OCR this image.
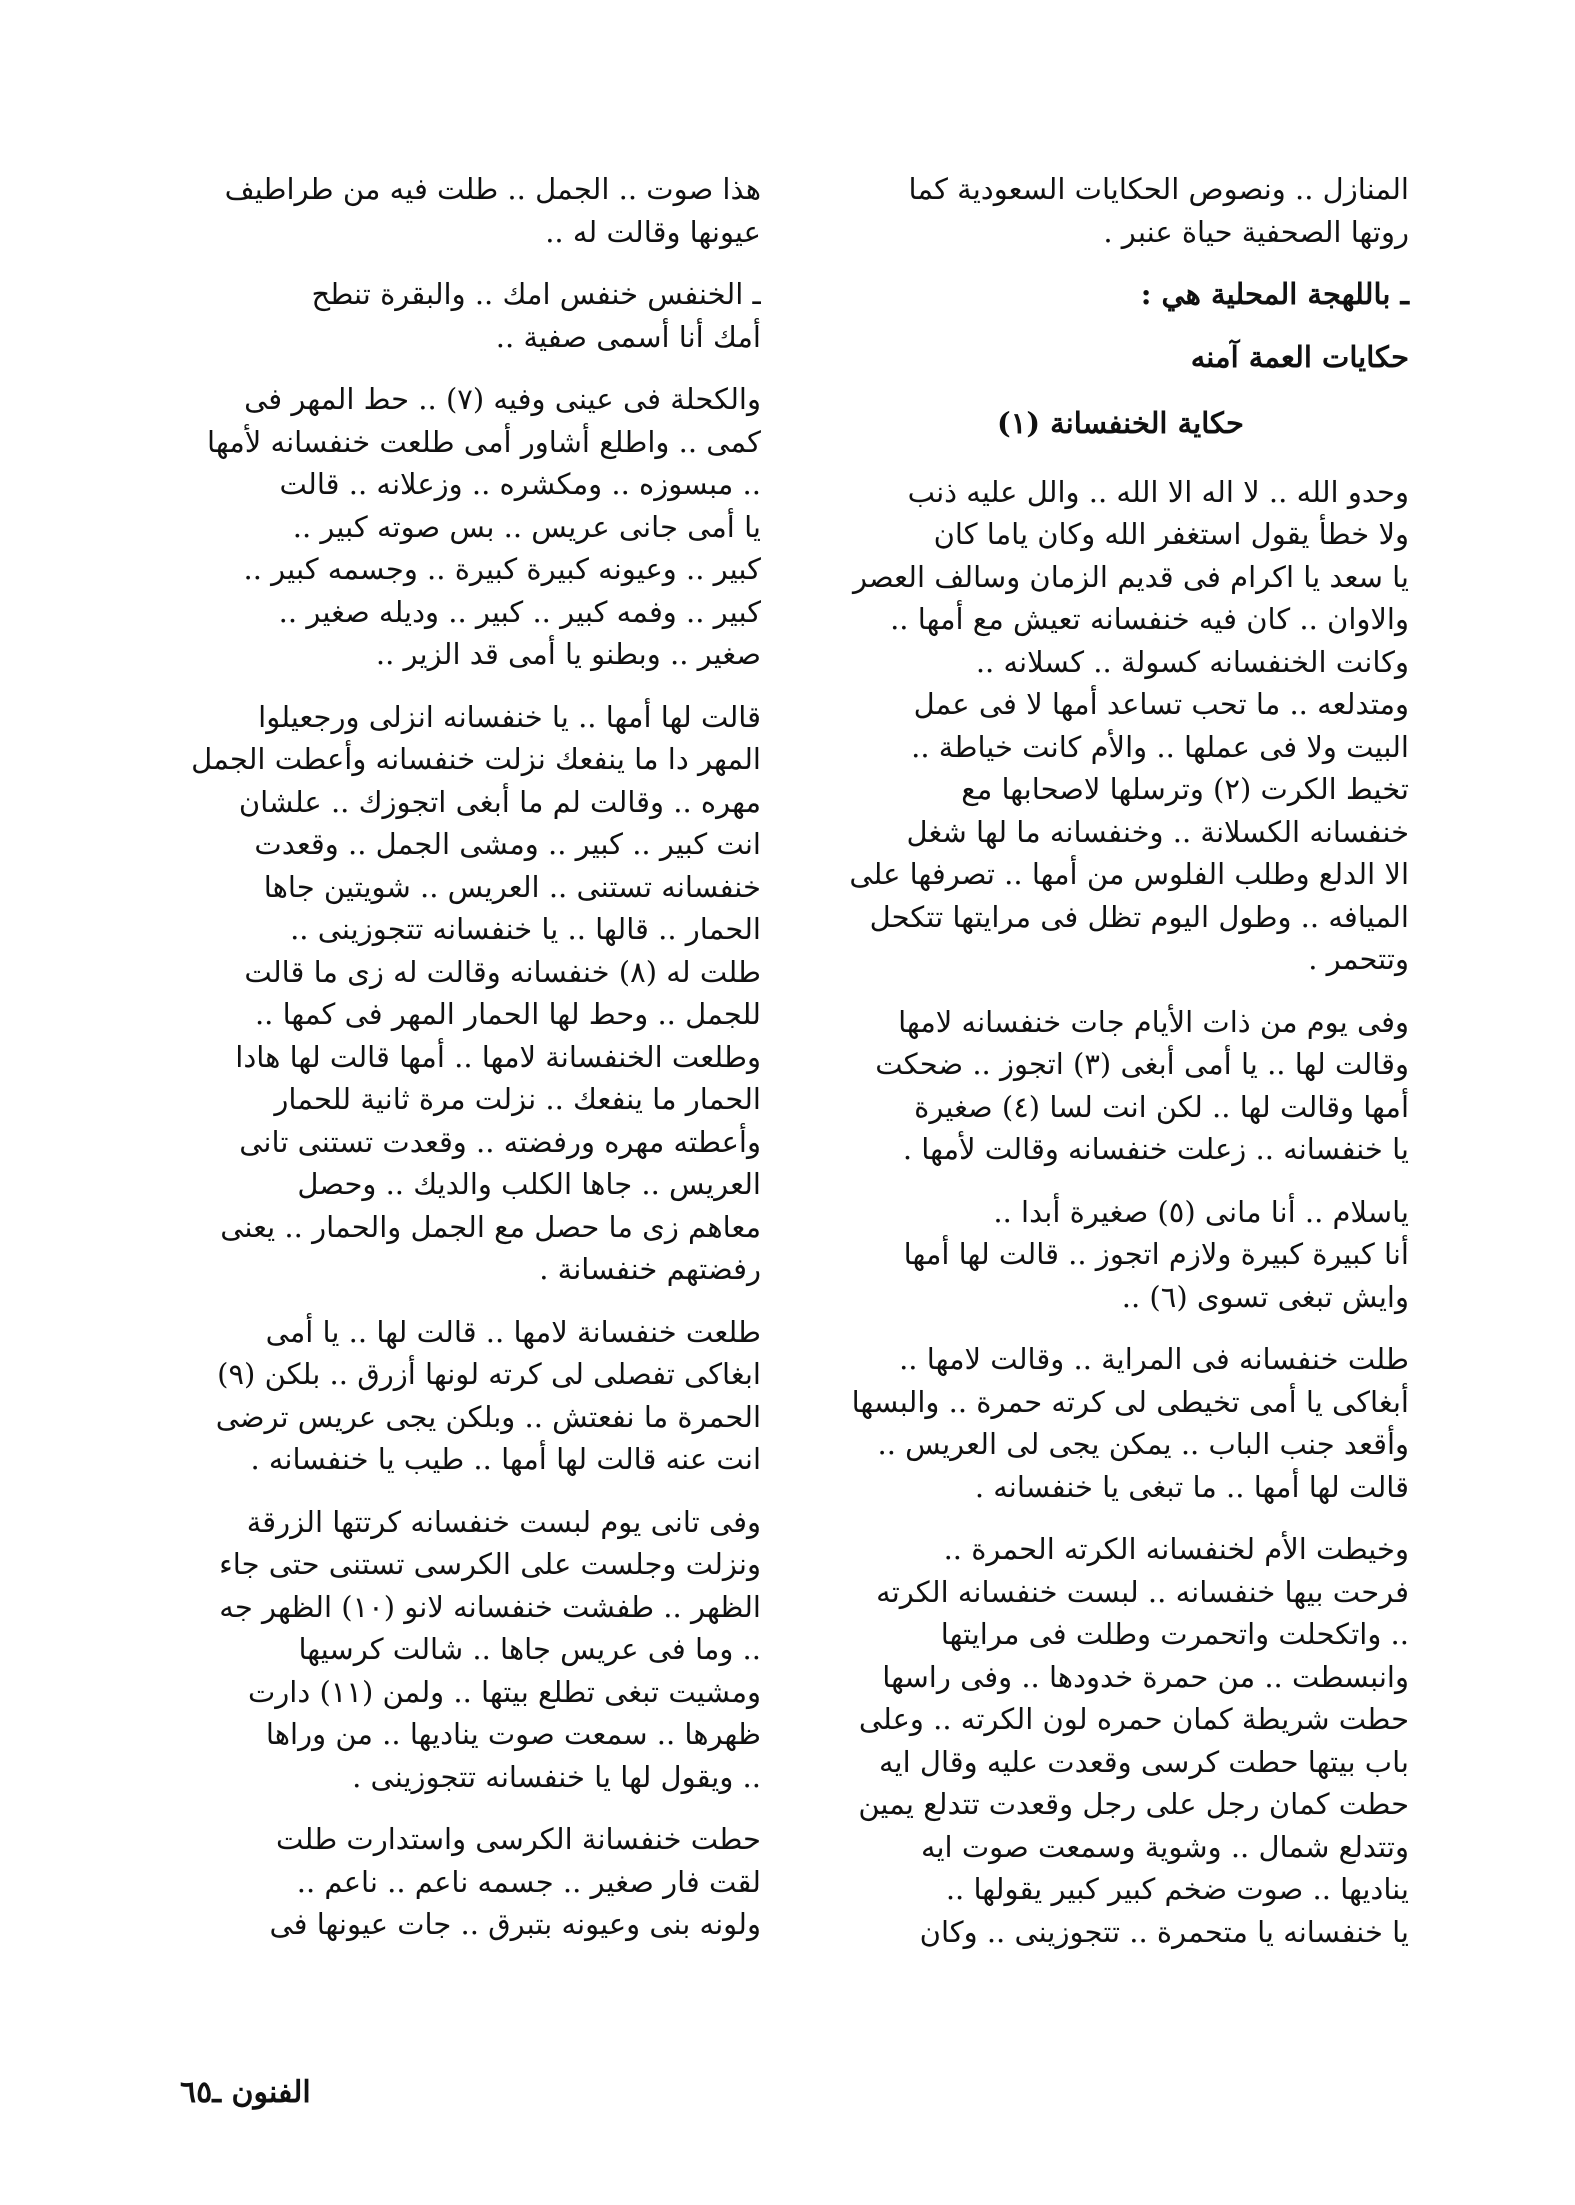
المنازل .. ونصوص الحكايات السعودية كما
روتها الصحفية حياة عنبر .
ـ باللهجة المحلية هي :
حكايات العمة آمنه
حكاية الخنفسانة (١)
وحدو الله .. لا اله الا الله .. والل عليه ذنب
ولا خطأ يقول استغفر الله وكان ياما كان
يا سعد يا اكرام فى قديم الزمان وسالف العصر
والاوان .. كان فيه خنفسانه تعيش مع أمها ..
وكانت الخنفسانه كسولة .. كسلانه ..
ومتدلعه .. ما تحب تساعد أمها لا فى عمل
البيت ولا فى عملها .. والأم كانت خياطة ..
تخيط الكرت (٢) وترسلها لاصحابها مع
خنفسانه الكسلانة .. وخنفسانه ما لها شغل
الا الدلع وطلب الفلوس من أمها .. تصرفها على
الميافه .. وطول اليوم تظل فى مرايتها تتكحل
وتتحمر .
وفى يوم من ذات الأيام جات خنفسانه لامها
وقالت لها .. يا أمى أبغى (٣) اتجوز .. ضحكت
أمها وقالت لها .. لكن انت لسا (٤) صغيرة
يا خنفسانه .. زعلت خنفسانه وقالت لأمها .
ياسلام .. أنا مانى (٥) صغيرة أبدا ..
أنا كبيرة كبيرة ولازم اتجوز .. قالت لها أمها
وايش تبغى تسوى (٦) ..
طلت خنفسانه فى المراية .. وقالت لامها ..
أبغاكى يا أمى تخيطى لى كرته حمرة .. والبسها
وأقعد جنب الباب .. يمكن يجى لى العريس ..
قالت لها أمها .. ما تبغى يا خنفسانه .
وخيطت الأم لخنفسانه الكرته الحمرة ..
فرحت بيها خنفسانه .. لبست خنفسانه الكرته
.. واتكحلت واتحمرت وطلت فى مرايتها
وانبسطت .. من حمرة خدودها .. وفى راسها
حطت شريطة كمان حمره لون الكرته .. وعلى
باب بيتها حطت كرسى وقعدت عليه وقال ايه
حطت كمان رجل على رجل وقعدت تتدلع يمين
وتتدلع شمال .. وشوية وسمعت صوت ايه
يناديها .. صوت ضخم كبير كبير يقولها ..
يا خنفسانه يا متحمرة .. تتجوزينى .. وكان
هذا صوت .. الجمل .. طلت فيه من طراطيف
عيونها وقالت له ..
ـ الخنفس خنفس امك .. والبقرة تنطح
أمك أنا أسمى صفية ..
والكحلة فى عينى وفيه (٧) .. حط المهر فى
كمى .. واطلع أشاور أمى طلعت خنفسانه لأمها
.. مبسوزه .. ومكشره .. وزعلانه .. قالت
يا أمى جانى عريس .. بس صوته كبير ..
كبير .. وعيونه كبيرة كبيرة .. وجسمه كبير ..
كبير .. وفمه كبير .. كبير .. وديله صغير ..
صغير .. وبطنو يا أمى قد الزير ..
قالت لها أمها .. يا خنفسانه انزلى ورجعيلوا
المهر دا ما ينفعك نزلت خنفسانه وأعطت الجمل
مهره .. وقالت لم ما أبغى اتجوزك .. علشان
انت كبير .. كبير .. ومشى الجمل .. وقعدت
خنفسانه تستنى .. العريس .. شويتين جاها
الحمار .. قالها .. يا خنفسانه تتجوزينى ..
طلت له (٨) خنفسانه وقالت له زى ما قالت
للجمل .. وحط لها الحمار المهر فى كمها ..
وطلعت الخنفسانة لامها .. أمها قالت لها هادا
الحمار ما ينفعك .. نزلت مرة ثانية للحمار
وأعطته مهره ورفضته .. وقعدت تستنى تانى
العريس .. جاها الكلب والديك .. وحصل
معاهم زى ما حصل مع الجمل والحمار .. يعنى
رفضتهم خنفسانة .
طلعت خنفسانة لامها .. قالت لها .. يا أمى
ابغاكى تفصلى لى كرته لونها أزرق .. بلكن (٩)
الحمرة ما نفعتش .. وبلكن يجى عريس ترضى
انت عنه قالت لها أمها .. طيب يا خنفسانه .
وفى تانى يوم لبست خنفسانه كرتتها الزرقة
ونزلت وجلست على الكرسى تستنى حتى جاء
الظهر .. طفشت خنفسانه لانو (١٠) الظهر جه
.. وما فى عريس جاها .. شالت كرسيها
ومشيت تبغى تطلع بيتها .. ولمن (١١) دارت
ظهرها .. سمعت صوت يناديها .. من وراها
.. ويقول لها يا خنفسانه تتجوزينى .
حطت خنفسانة الكرسى واستدارت طلت
لقت فار صغير .. جسمه ناعم .. ناعم ..
ولونه بنى وعيونه بتبرق .. جات عيونها فى
الفنون ـ٦٥
